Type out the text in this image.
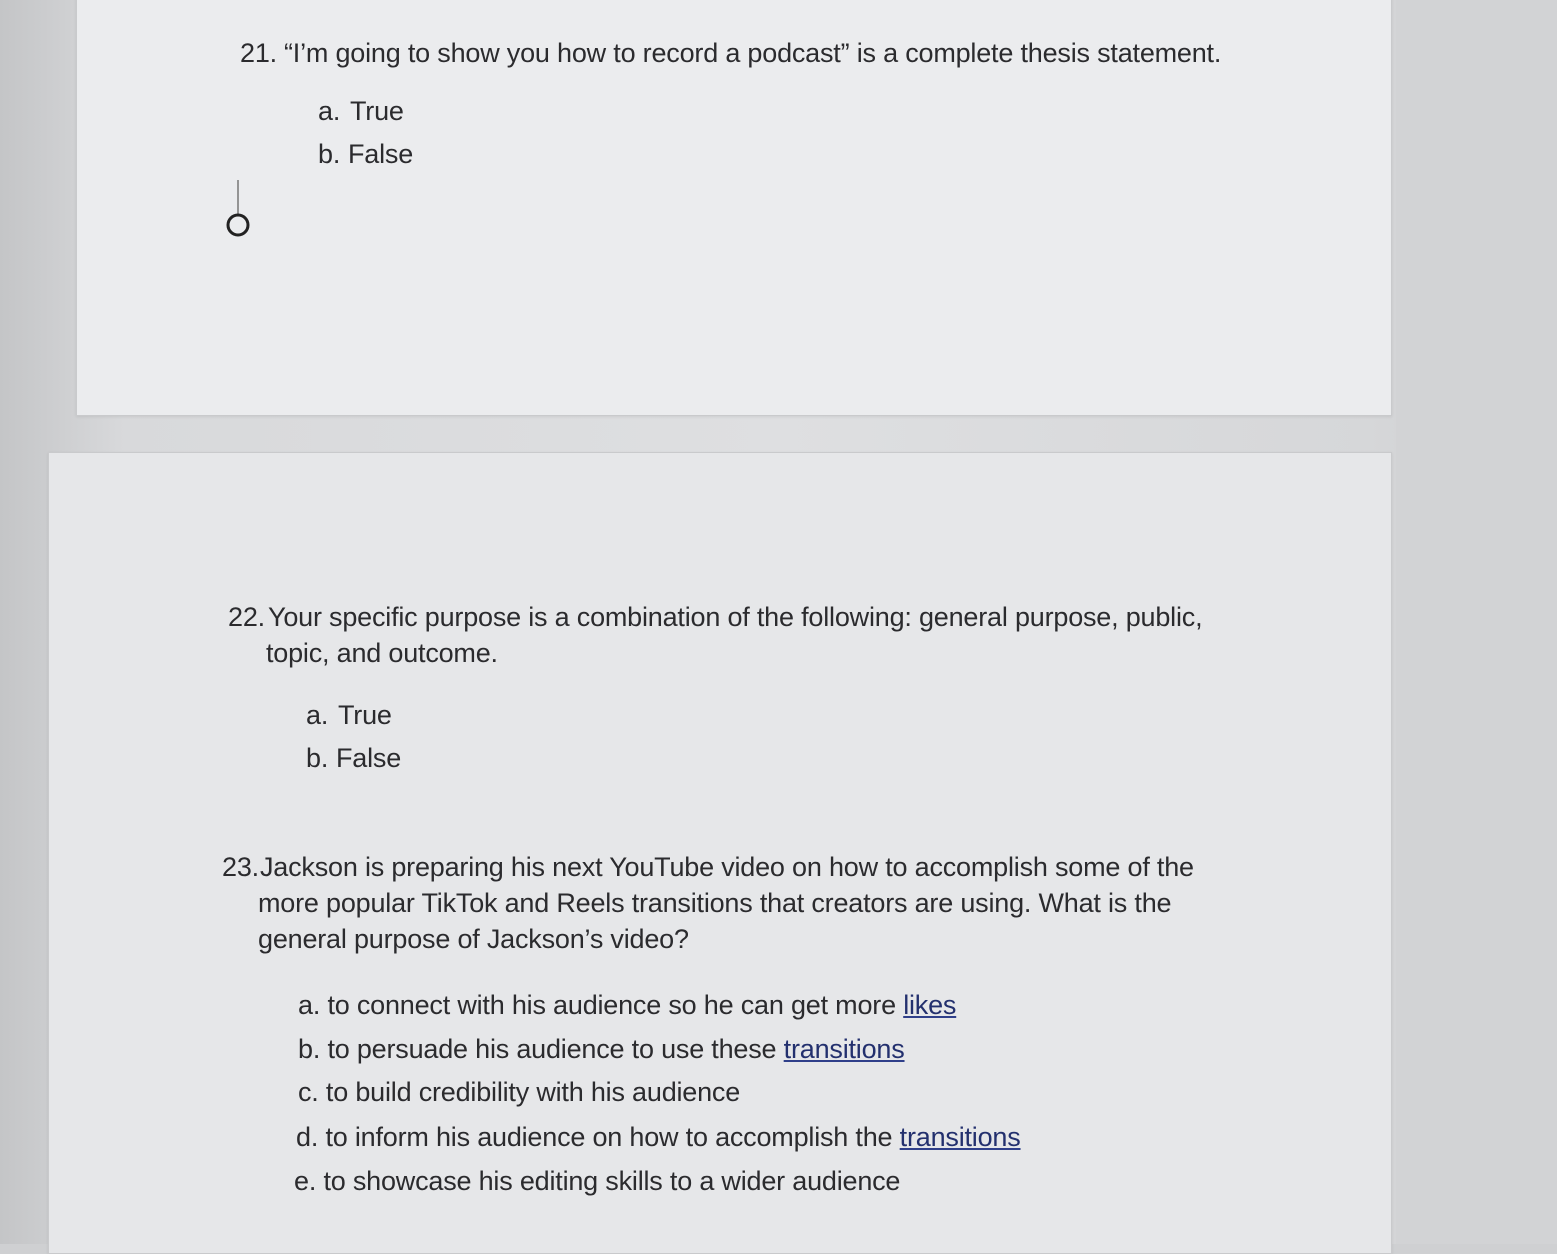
21. “I’m going to show you how to record a podcast” is a complete thesis statement.
a. True
b. False
22. Your specific purpose is a combination of the following: general purpose, public,
topic, and outcome.
a. True
b. False
23. Jackson is preparing his next YouTube video on how to accomplish some of the
more popular TikTok and Reels transitions that creators are using. What is the
general purpose of Jackson’s video?
a. to connect with his audience so he can get more likes
b. to persuade his audience to use these transitions
c. to build credibility with his audience
d. to inform his audience on how to accomplish the transitions
e. to showcase his editing skills to a wider audience
